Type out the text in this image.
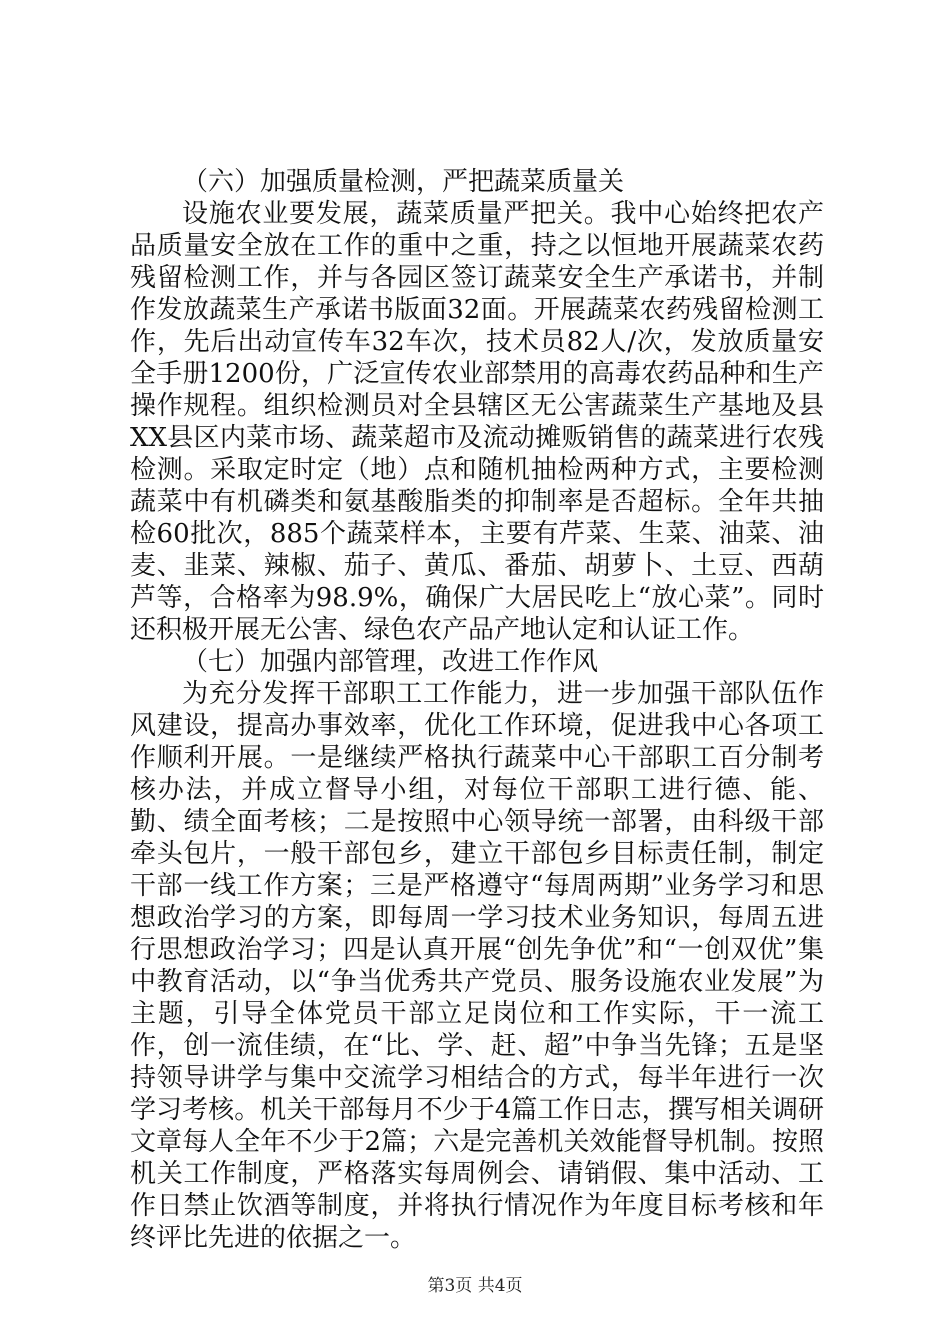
（六）加强质量检测，严把蔬菜质量关

设施农业要发展，蔬菜质量严把关。我中心始终把农产品质量安全放在工作的重中之重，持之以恒地开展蔬菜农药残留检测工作，并与各园区签订蔬菜安全生产承诺书，并制作发放蔬菜生产承诺书版面32面。开展蔬菜农药残留检测工作，先后出动宣传车32车次，技术员82人/次，发放质量安全手册1200份，广泛宣传农业部禁用的高毒农药品种和生产操作规程。组织检测员对全县辖区无公害蔬菜生产基地及县XX县区内菜市场、蔬菜超市及流动摊贩销售的蔬菜进行农残检测。采取定时定（地）点和随机抽检两种方式，主要检测蔬菜中有机磷类和氨基酸脂类的抑制率是否超标。全年共抽检60批次，885个蔬菜样本，主要有芹菜、生菜、油菜、油麦、韭菜、辣椒、茄子、黄瓜、番茄、胡萝卜、土豆、西葫芦等，合格率为98.9%，确保广大居民吃上“放心菜”。同时还积极开展无公害、绿色农产品产地认定和认证工作。

（七）加强内部管理，改进工作作风

为充分发挥干部职工工作能力，进一步加强干部队伍作风建设，提高办事效率，优化工作环境，促进我中心各项工作顺利开展。一是继续严格执行蔬菜中心干部职工百分制考核办法，并成立督导小组，对每位干部职工进行德、能、勤、绩全面考核；二是按照中心领导统一部署，由科级干部牵头包片，一般干部包乡，建立干部包乡目标责任制，制定干部一线工作方案；三是严格遵守“每周两期”业务学习和思想政治学习的方案，即每周一学习技术业务知识，每周五进行思想政治学习；四是认真开展“创先争优”和“一创双优”集中教育活动，以“争当优秀共产党员、服务设施农业发展”为主题，引导全体党员干部立足岗位和工作实际，干一流工作，创一流佳绩，在“比、学、赶、超”中争当先锋；五是坚持领导讲学与集中交流学习相结合的方式，每半年进行一次学习考核。机关干部每月不少于4篇工作日志，撰写相关调研文章每人全年不少于2篇；六是完善机关效能督导机制。按照机关工作制度，严格落实每周例会、请销假、集中活动、工作日禁止饮酒等制度，并将执行情况作为年度目标考核和年终评比先进的依据之一。

第3页 共4页
